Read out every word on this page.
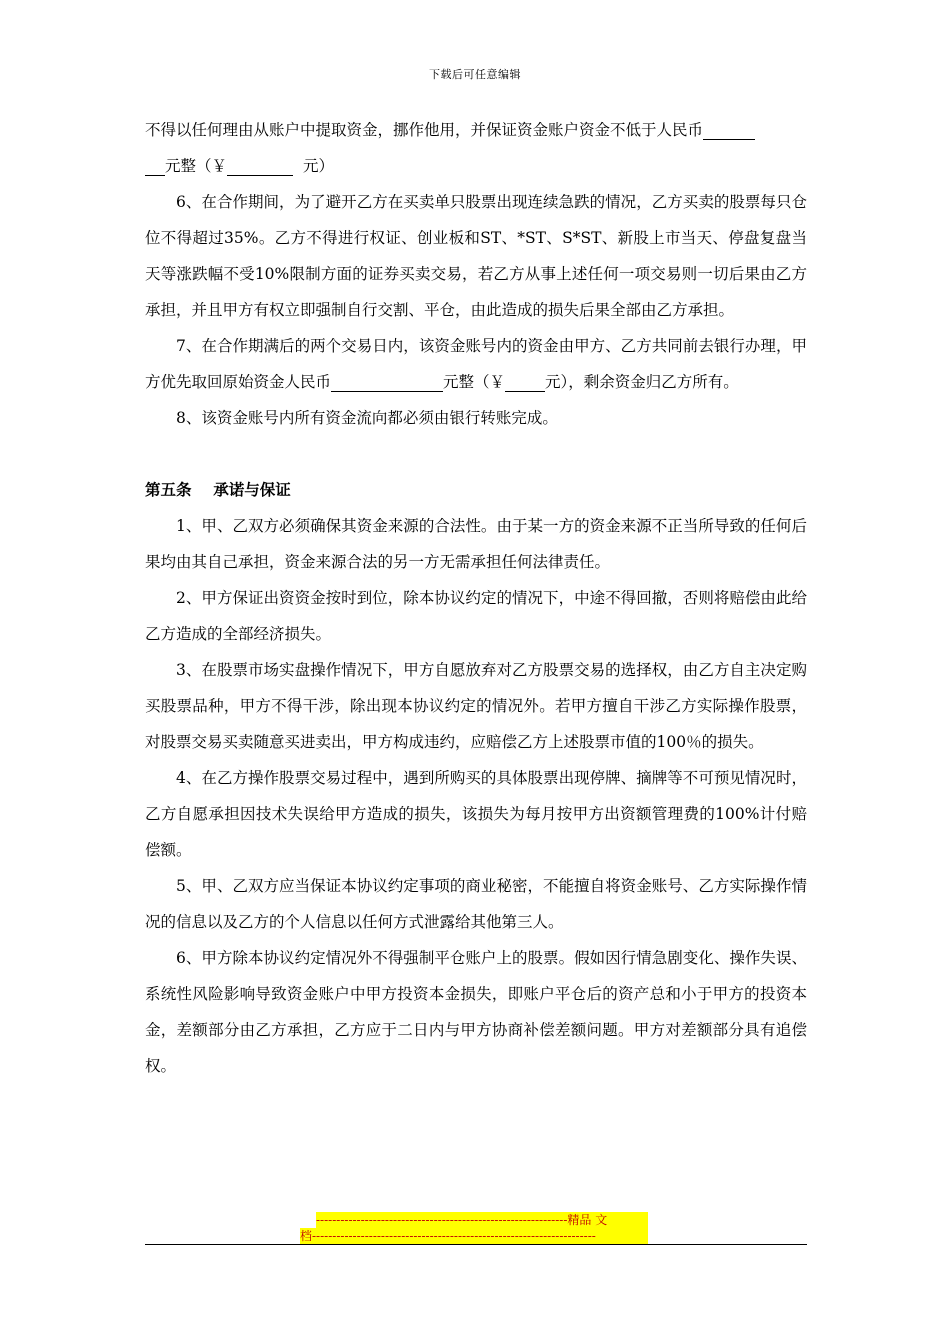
下载后可任意编辑

不得以任何理由从账户中提取资金，挪作他用，并保证资金账户资金不低于人民币
元整（￥	元）

6、在合作期间，为了避开乙方在买卖单只股票出现连续急跌的情况，乙方买卖的股票每只仓位不得超过35%。乙方不得进行权证、创业板和ST、*ST、S*ST、新股上市当天、停盘复盘当天等涨跌幅不受10%限制方面的证券买卖交易，若乙方从事上述任何一项交易则一切后果由乙方承担，并且甲方有权立即强制自行交割、平仓，由此造成的损失后果全部由乙方承担。

7、在合作期满后的两个交易日内，该资金账号内的资金由甲方、乙方共同前去银行办理，甲方优先取回原始资金人民币	元整（￥	元），剩余资金归乙方所有。

8、该资金账号内所有资金流向都必须由银行转账完成。

第五条 承诺与保证

1、甲、乙双方必须确保其资金来源的合法性。由于某一方的资金来源不正当所导致的任何后果均由其自己承担，资金来源合法的另一方无需承担任何法律责任。

2、甲方保证出资资金按时到位，除本协议约定的情况下，中途不得回撤，否则将赔偿由此给乙方造成的全部经济损失。

3、在股票市场实盘操作情况下，甲方自愿放弃对乙方股票交易的选择权，由乙方自主决定购买股票品种，甲方不得干涉，除出现本协议约定的情况外。若甲方擅自干涉乙方实际操作股票，对股票交易买卖随意买进卖出，甲方构成违约，应赔偿乙方上述股票市值的100％的损失。

4、在乙方操作股票交易过程中，遇到所购买的具体股票出现停牌、摘牌等不可预见情况时，乙方自愿承担因技术失误给甲方造成的损失，该损失为每月按甲方出资额管理费的100%计付赔偿额。

5、甲、乙双方应当保证本协议约定事项的商业秘密，不能擅自将资金账号、乙方实际操作情况的信息以及乙方的个人信息以任何方式泄露给其他第三人。

6、甲方除本协议约定情况外不得强制平仓账户上的股票。假如因行情急剧变化、操作失误、系统性风险影响导致资金账户中甲方投资本金损失，即账户平仓后的资产总和小于甲方的投资本金，差额部分由乙方承担，乙方应于二日内与甲方协商补偿差额问题。甲方对差额部分具有追偿权。

--------------------------------------------------------------精品 文
档----------------------------------------------------------------------
